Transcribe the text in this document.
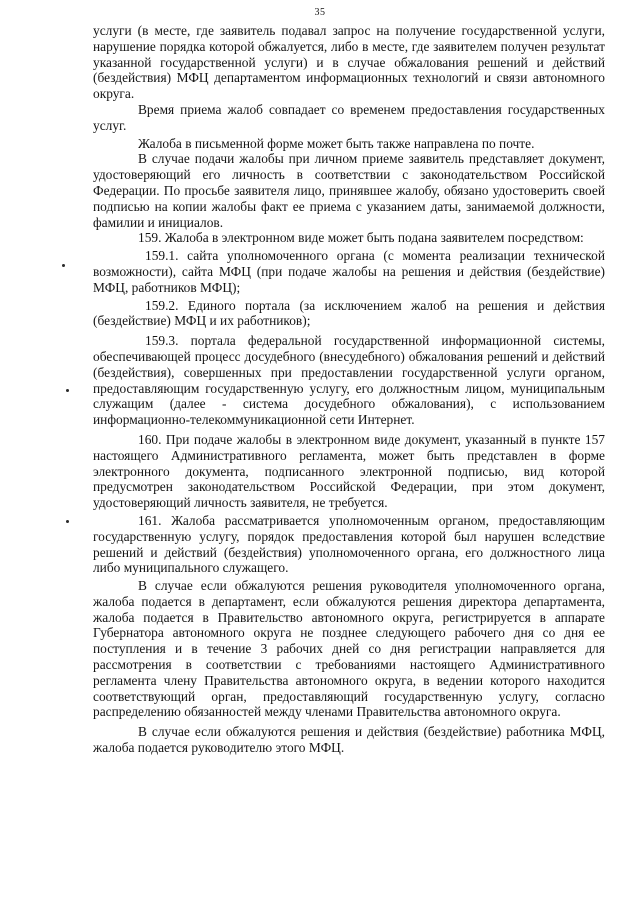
35

услуги (в месте, где заявитель подавал запрос на получение государственной услуги, нарушение порядка которой обжалуется, либо в месте, где заявителем получен результат указанной государственной услуги) и в случае обжалования решений и действий (бездействия) МФЦ департаментом информационных технологий и связи автономного округа.

Время приема жалоб совпадает со временем предоставления государственных услуг.

Жалоба в письменной форме может быть также направлена по почте.

В случае подачи жалобы при личном приеме заявитель представляет документ, удостоверяющий его личность в соответствии с законодательством Российской Федерации. По просьбе заявителя лицо, принявшее жалобу, обязано удостоверить своей подписью на копии жалобы факт ее приема с указанием даты, занимаемой должности, фамилии и инициалов.

159. Жалоба в электронном виде может быть подана заявителем посредством:

159.1. сайта уполномоченного органа (с момента реализации технической возможности), сайта МФЦ (при подаче жалобы на решения и действия (бездействие) МФЦ, работников МФЦ);

159.2. Единого портала (за исключением жалоб на решения и действия (бездействие) МФЦ и их работников);

159.3. портала федеральной государственной информационной системы, обеспечивающей процесс досудебного (внесудебного) обжалования решений и действий (бездействия), совершенных при предоставлении государственной услуги органом, предоставляющим государственную услугу, его должностным лицом, муниципальным служащим (далее - система досудебного обжалования), с использованием информационно-телекоммуникационной сети Интернет.

160. При подаче жалобы в электронном виде документ, указанный в пункте 157 настоящего Административного регламента, может быть представлен в форме электронного документа, подписанного электронной подписью, вид которой предусмотрен законодательством Российской Федерации, при этом документ, удостоверяющий личность заявителя, не требуется.

161. Жалоба рассматривается уполномоченным органом, предоставляющим государственную услугу, порядок предоставления которой был нарушен вследствие решений и действий (бездействия) уполномоченного органа, его должностного лица либо муниципального служащего.

В случае если обжалуются решения руководителя уполномоченного органа, жалоба подается в департамент, если обжалуются решения директора департамента, жалоба подается в Правительство автономного округа, регистрируется в аппарате Губернатора автономного округа не позднее следующего рабочего дня со дня ее поступления и в течение 3 рабочих дней со дня регистрации направляется для рассмотрения в соответствии с требованиями настоящего Административного регламента члену Правительства автономного округа, в ведении которого находится соответствующий орган, предоставляющий государственную услугу, согласно распределению обязанностей между членами Правительства автономного округа.

В случае если обжалуются решения и действия (бездействие) работника МФЦ, жалоба подается руководителю этого МФЦ.
